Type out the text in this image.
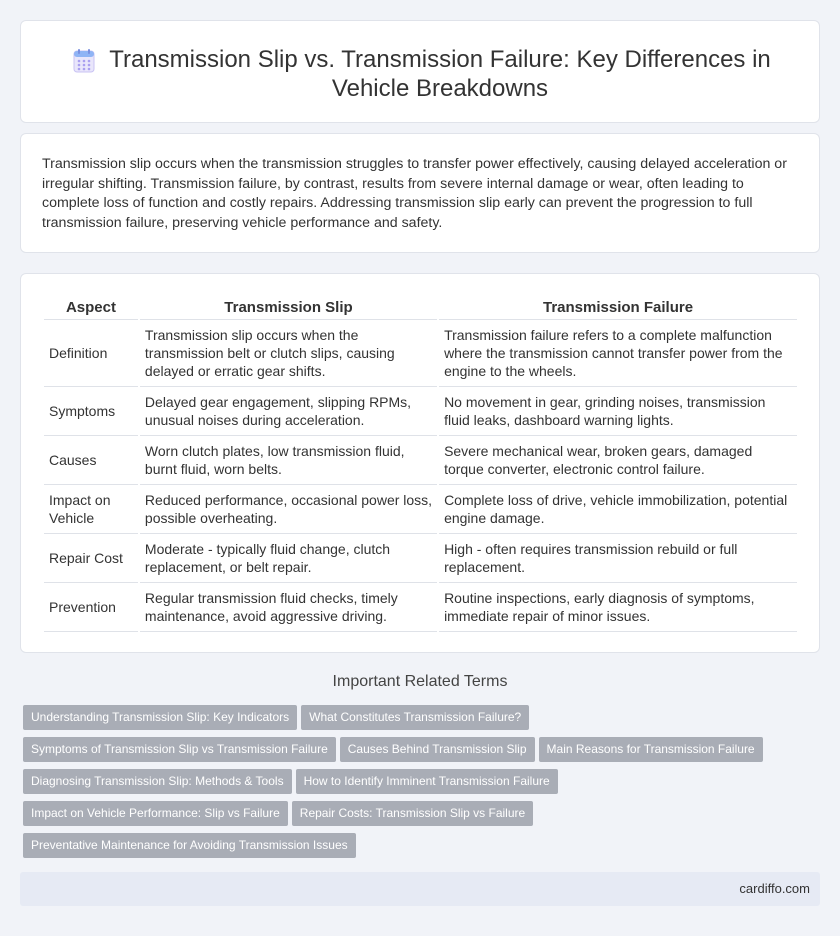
Transmission Slip vs. Transmission Failure: Key Differences in Vehicle Breakdowns

Transmission slip occurs when the transmission struggles to transfer power effectively, causing delayed acceleration or irregular shifting. Transmission failure, by contrast, results from severe internal damage or wear, often leading to complete loss of function and costly repairs. Addressing transmission slip early can prevent the progression to full transmission failure, preserving vehicle performance and safety.

Aspect	Transmission Slip	Transmission Failure
Definition	Transmission slip occurs when the transmission belt or clutch slips, causing delayed or erratic gear shifts.	Transmission failure refers to a complete malfunction where the transmission cannot transfer power from the engine to the wheels.
Symptoms	Delayed gear engagement, slipping RPMs, unusual noises during acceleration.	No movement in gear, grinding noises, transmission fluid leaks, dashboard warning lights.
Causes	Worn clutch plates, low transmission fluid, burnt fluid, worn belts.	Severe mechanical wear, broken gears, damaged torque converter, electronic control failure.
Impact on Vehicle	Reduced performance, occasional power loss, possible overheating.	Complete loss of drive, vehicle immobilization, potential engine damage.
Repair Cost	Moderate - typically fluid change, clutch replacement, or belt repair.	High - often requires transmission rebuild or full replacement.
Prevention	Regular transmission fluid checks, timely maintenance, avoid aggressive driving.	Routine inspections, early diagnosis of symptoms, immediate repair of minor issues.
Important Related Terms
Understanding Transmission Slip: Key Indicators What Constitutes Transmission Failure?
Symptoms of Transmission Slip vs Transmission Failure Causes Behind Transmission Slip Main Reasons for Transmission Failure
Diagnosing Transmission Slip: Methods & Tools How to Identify Imminent Transmission Failure
Impact on Vehicle Performance: Slip vs Failure Repair Costs: Transmission Slip vs Failure
Preventative Maintenance for Avoiding Transmission Issues
cardiffo.com
